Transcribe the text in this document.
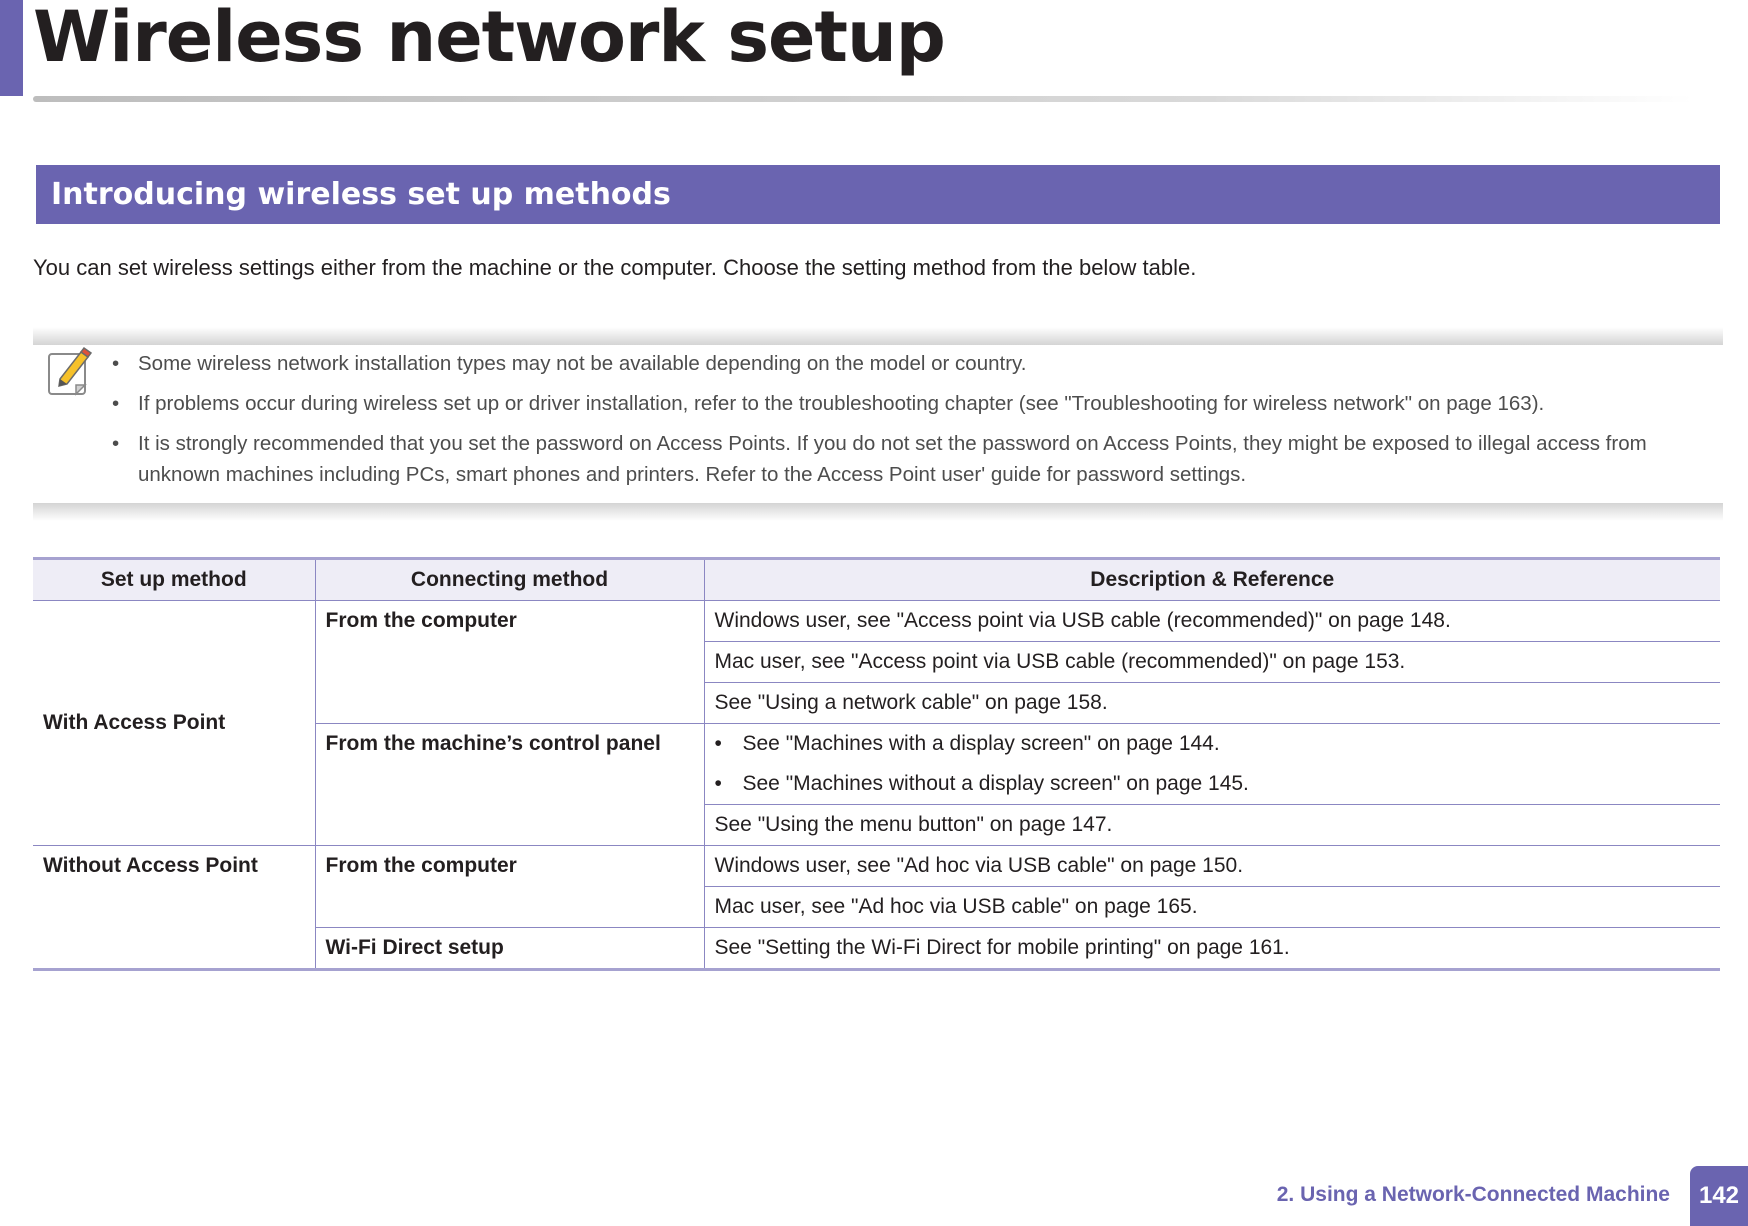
Wireless network setup
Introducing wireless set up methods
You can set wireless settings either from the machine or the computer. Choose the setting method from the below table.
• Some wireless network installation types may not be available depending on the model or country.
• If problems occur during wireless set up or driver installation, refer to the troubleshooting chapter (see "Troubleshooting for wireless network" on page 163).
• It is strongly recommended that you set the password on Access Points. If you do not set the password on Access Points, they might be exposed to illegal access from unknown machines including PCs, smart phones and printers. Refer to the Access Point user' guide for password settings.
Set up method	Connecting method	Description & Reference
With Access Point	From the computer	Windows user, see "Access point via USB cable (recommended)" on page 148.
		Mac user, see "Access point via USB cable (recommended)" on page 153.
		See "Using a network cable" on page 158.
	From the machine’s control panel	• See "Machines with a display screen" on page 144.

		• See "Machines without a display screen" on page 145.

		See "Using the menu button" on page 147.
Without Access Point	From the computer	Windows user, see "Ad hoc via USB cable" on page 150.
		Mac user, see "Ad hoc via USB cable" on page 165.
	Wi-Fi Direct setup	See "Setting the Wi-Fi Direct for mobile printing" on page 161.
2. Using a Network-Connected Machine	142
